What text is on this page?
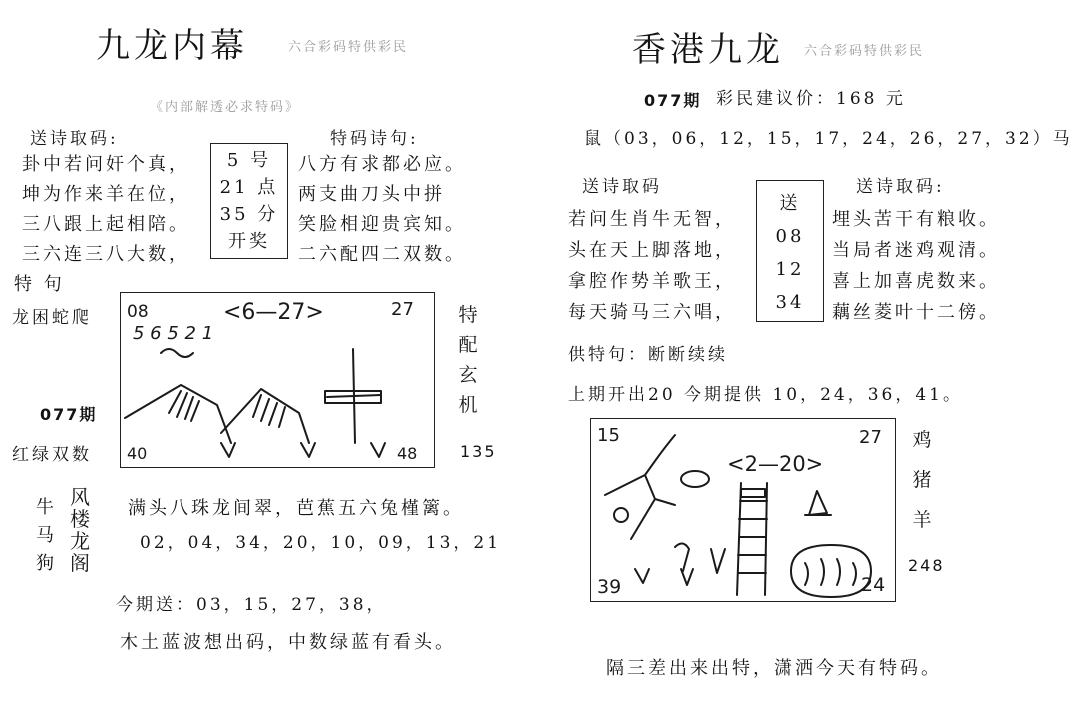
九龙内幕	六合彩码特供彩民
《内部解透必求特码》
送诗取码:	特码诗句:
卦中若问奸个真，
坤为作来羊在位，
三八跟上起相陪。
三六连三八大数，
5 号
21 点
35 分
开奖
八方有求都必应。
两支曲刀头中拼
笑脸相迎贵宾知。
二六配四二双数。
特 句
龙困蛇爬
077期
红绿双数
08	<6—27>	27
5 6 5 2 1
40	48
特配玄机
135
牛
马
狗
风楼龙阁
满头八珠龙间翠，芭蕉五六兔槿篱。
02，04，34，20，10，09，13，21
今期送：03，15，27，38，
木土蓝波想出码，中数绿蓝有看头。
香港九龙 六合彩码特供彩民
077期 彩民建议价：168 元
鼠（03，06，12，15，17，24，26，27，32）马
送诗取码	送诗取码:
若问生肖牛无智，
头在天上脚落地，
拿腔作势羊歌王，
每天骑马三六唱，
送
08
12
34
埋头苦干有粮收。
当局者迷鸡观清。
喜上加喜虎数来。
藕丝菱叶十二傍。
供特句：断断续续
上期开出20 今期提供 10，24，36，41。
15	27
<2—20>
39	24
鸡猪羊
248
隔三差出来出特，潇洒今天有特码。
